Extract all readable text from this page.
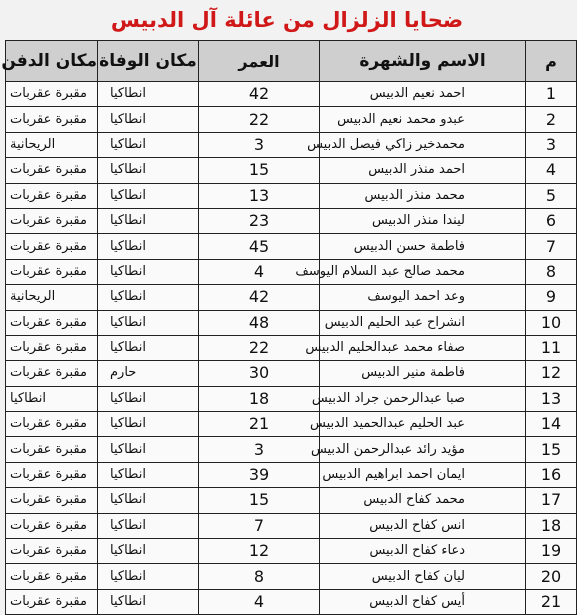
ضحايا الزلزال من عائلة آل الدبيس
م	الاسم والشهرة	العمر	مكان الوفاة	مكان الدفن
1	احمد نعيم الدبيس	42	انطاكيا	مقبرة عقربات
2	عبدو محمد نعيم الدبيس	22	انطاكيا	مقبرة عقربات
3	محمدخير زاكي فيصل الدبيس	3	انطاكيا	الريحانية
4	احمد منذر الدبيس	15	انطاكيا	مقبرة عقربات
5	محمد منذر الدبيس	13	انطاكيا	مقبرة عقربات
6	ليندا منذر الدبيس	23	انطاكيا	مقبرة عقربات
7	فاطمة حسن الدبيس	45	انطاكيا	مقبرة عقربات
8	محمد صالح عبد السلام اليوسف	4	انطاكيا	مقبرة عقربات
9	وعد احمد اليوسف	42	انطاكيا	الريحانية
10	انشراح عبد الحليم الدبيس	48	انطاكيا	مقبرة عقربات
11	صفاء محمد عبدالحليم الدبيس	22	انطاكيا	مقبرة عقربات
12	فاطمة منير الدبيس	30	حارم	مقبرة عقربات
13	صبا عبدالرحمن جراد الدبيس	18	انطاكيا	انطاكيا
14	عبد الحليم عبدالحميد الدبيس	21	انطاكيا	مقبرة عقربات
15	مؤيد رائد عبدالرحمن الدبيس	3	انطاكيا	مقبرة عقربات
16	ايمان احمد ابراهيم الدبيس	39	انطاكيا	مقبرة عقربات
17	محمد كفاح الدبيس	15	انطاكيا	مقبرة عقربات
18	انس كفاح الدبيس	7	انطاكيا	مقبرة عقربات
19	دعاء كفاح الدبيس	12	انطاكيا	مقبرة عقربات
20	ليان كفاح الدبيس	8	انطاكيا	مقبرة عقربات
21	أيس كفاح الدبيس	4	انطاكيا	مقبرة عقربات
